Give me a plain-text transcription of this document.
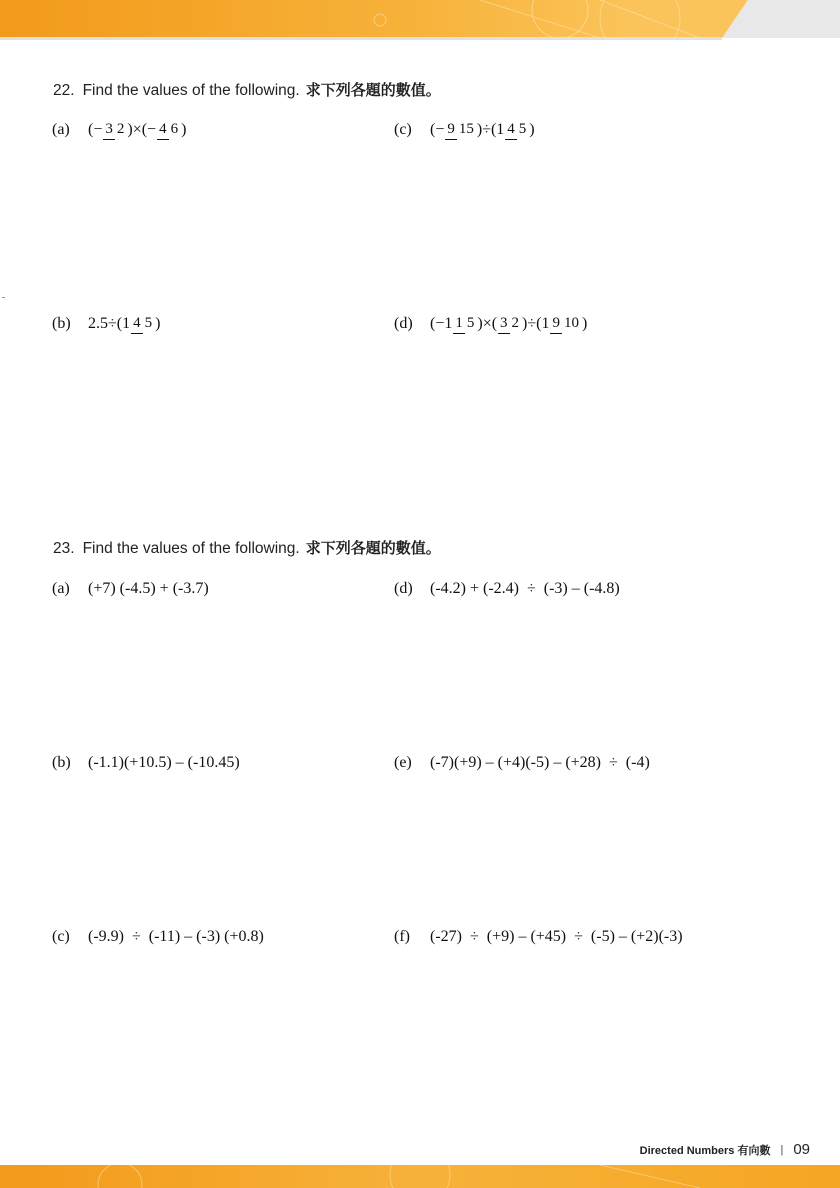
22. Find the values of the following. 求下列各題的數值。
(a)	(− 3 2 )×(− 4 6 )	(c)	(− 9 15 )÷(1 4 5 )
(b)	2.5÷(1 4 5 )	(d)	(−1 1 5 )×( 3 2 )÷(1 9 10 )
23. Find the values of the following. 求下列各題的數值。
(a)	(+7) (-4.5) + (-3.7)	(d)	(-4.2) + (-2.4)  ÷  (-3) – (-4.8)
(b)	(-1.1)(+10.5) – (-10.45)	(e)	(-7)(+9) – (+4)(-5) – (+28)  ÷  (-4)
(c)	(-9.9)  ÷  (-11) – (-3) (+0.8)	(f)	(-27)  ÷  (+9) – (+45)  ÷  (-5) – (+2)(-3)
Directed Numbers 有向數 | 09
